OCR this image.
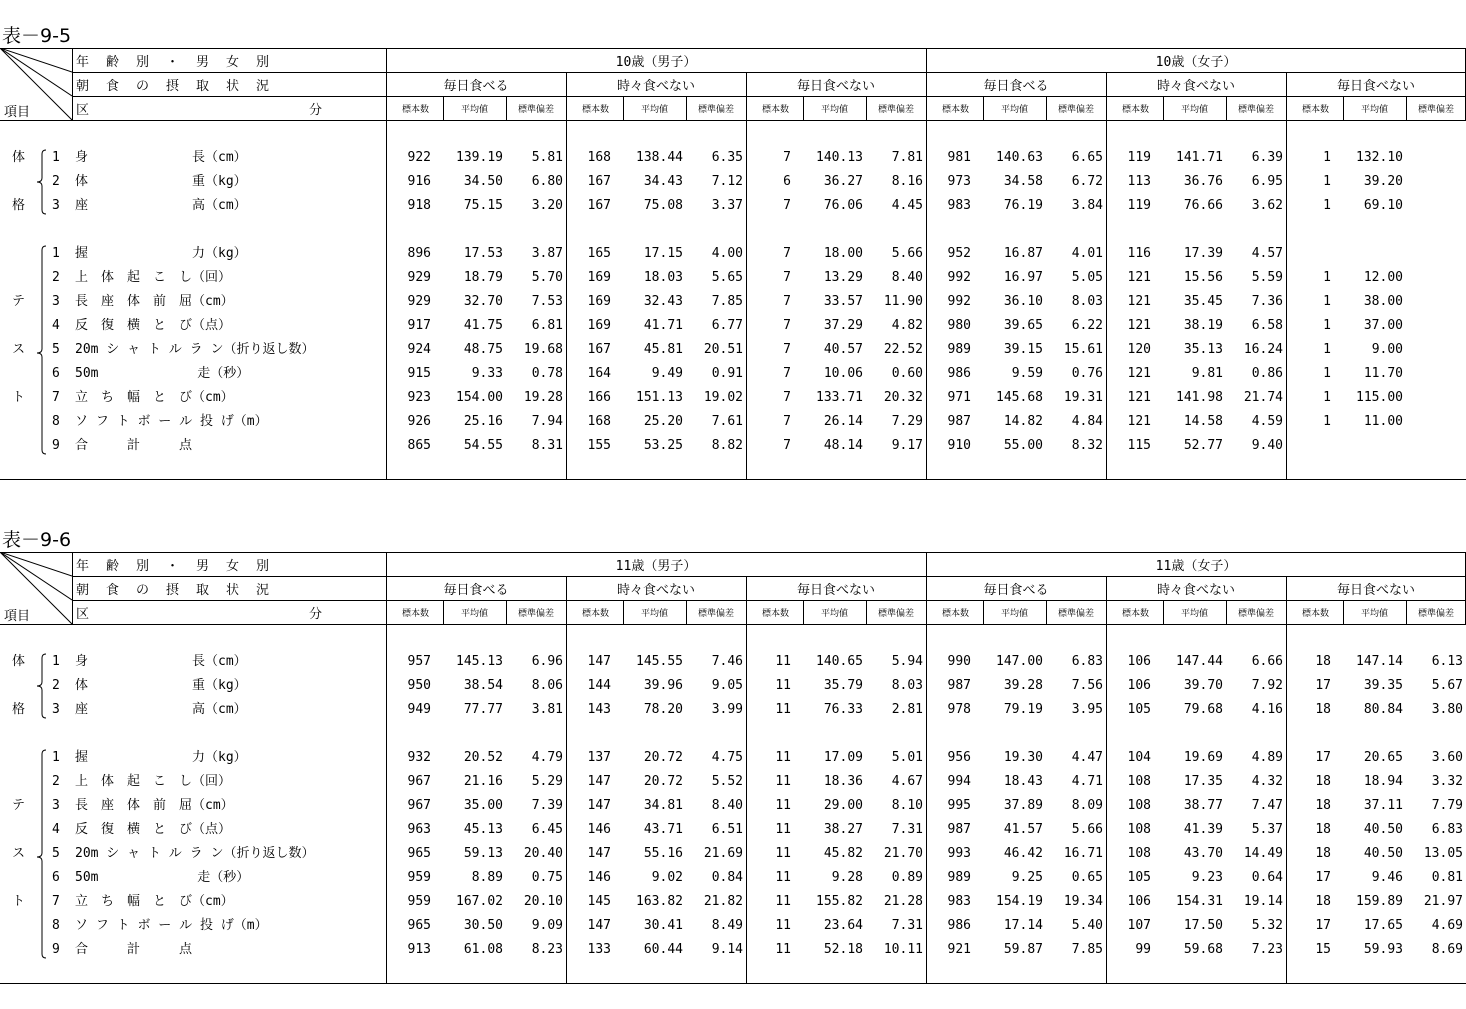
表－9-5
年　齢　別　・　男　女　別
朝　食　の　摂　取　状　況
区	分
項目
10歳（男子）	10歳（女子）
毎日食べる
標本数	平均値	標準偏差
時々食べない
標本数	平均値	標準偏差
毎日食べない
標本数	平均値	標準偏差
毎日食べる
標本数	平均値	標準偏差
時々食べない
標本数	平均値	標準偏差
毎日食べない
標本数	平均値	標準偏差
1 身　　　　　　　　長（cm）	922	139.19	5.81	168	138.44	6.35	7	140.13	7.81	981	140.63	6.65	119	141.71	6.39	1	132.10
2 体　　　　　　　　重（kg）	916	34.50	6.80	167	34.43	7.12	6	36.27	8.16	973	34.58	6.72	113	36.76	6.95	1	39.20
3 座　　　　　　　　高（cm）	918	75.15	3.20	167	75.08	3.37	7	76.06	4.45	983	76.19	3.84	119	76.66	3.62	1	69.10
1 握　　　　　　　　力（kg）	896	17.53	3.87	165	17.15	4.00	7	18.00	5.66	952	16.87	4.01	116	17.39	4.57
2 上　体　起　こ　し（回）	929	18.79	5.70	169	18.03	5.65	7	13.29	8.40	992	16.97	5.05	121	15.56	5.59	1	12.00
3 長　座　体　前　屈（cm）	929	32.70	7.53	169	32.43	7.85	7	33.57	11.90	992	36.10	8.03	121	35.45	7.36	1	38.00
4 反　復　横　と　び（点）	917	41.75	6.81	169	41.71	6.77	7	37.29	4.82	980	39.65	6.22	121	38.19	6.58	1	37.00
5 20m シ ャ ト ル ラ ン（折り返し数）	924	48.75	19.68	167	45.81	20.51	7	40.57	22.52	989	39.15	15.61	120	35.13	16.24	1	9.00
6 50m　　　　　　　 走（秒）	915	9.33	0.78	164	9.49	0.91	7	10.06	0.60	986	9.59	0.76	121	9.81	0.86	1	11.70
7 立　ち　幅　と　び（cm）	923	154.00	19.28	166	151.13	19.02	7	133.71	20.32	971	145.68	19.31	121	141.98	21.74	1	115.00
8 ソ フ ト ボ ー ル 投 げ（m）	926	25.16	7.94	168	25.20	7.61	7	26.14	7.29	987	14.82	4.84	121	14.58	4.59	1	11.00
9 合　　　計　　　点	865	54.55	8.31	155	53.25	8.82	7	48.14	9.17	910	55.00	8.32	115	52.77	9.40
体
格
テ
ス
ト
表－9-6
年　齢　別　・　男　女　別
朝　食　の　摂　取　状　況
区	分
項目
11歳（男子）	11歳（女子）
毎日食べる
標本数	平均値	標準偏差
時々食べない
標本数	平均値	標準偏差
毎日食べない
標本数	平均値	標準偏差
毎日食べる
標本数	平均値	標準偏差
時々食べない
標本数	平均値	標準偏差
毎日食べない
標本数	平均値	標準偏差
1 身　　　　　　　　長（cm）	957	145.13	6.96	147	145.55	7.46	11	140.65	5.94	990	147.00	6.83	106	147.44	6.66	18	147.14	6.13
2 体　　　　　　　　重（kg）	950	38.54	8.06	144	39.96	9.05	11	35.79	8.03	987	39.28	7.56	106	39.70	7.92	17	39.35	5.67
3 座　　　　　　　　高（cm）	949	77.77	3.81	143	78.20	3.99	11	76.33	2.81	978	79.19	3.95	105	79.68	4.16	18	80.84	3.80
1 握　　　　　　　　力（kg）	932	20.52	4.79	137	20.72	4.75	11	17.09	5.01	956	19.30	4.47	104	19.69	4.89	17	20.65	3.60
2 上　体　起　こ　し（回）	967	21.16	5.29	147	20.72	5.52	11	18.36	4.67	994	18.43	4.71	108	17.35	4.32	18	18.94	3.32
3 長　座　体　前　屈（cm）	967	35.00	7.39	147	34.81	8.40	11	29.00	8.10	995	37.89	8.09	108	38.77	7.47	18	37.11	7.79
4 反　復　横　と　び（点）	963	45.13	6.45	146	43.71	6.51	11	38.27	7.31	987	41.57	5.66	108	41.39	5.37	18	40.50	6.83
5 20m シ ャ ト ル ラ ン（折り返し数）	965	59.13	20.40	147	55.16	21.69	11	45.82	21.70	993	46.42	16.71	108	43.70	14.49	18	40.50	13.05
6 50m　　　　　　　 走（秒）	959	8.89	0.75	146	9.02	0.84	11	9.28	0.89	989	9.25	0.65	105	9.23	0.64	17	9.46	0.81
7 立　ち　幅　と　び（cm）	959	167.02	20.10	145	163.82	21.82	11	155.82	21.28	983	154.19	19.34	106	154.31	19.14	18	159.89	21.97
8 ソ フ ト ボ ー ル 投 げ（m）	965	30.50	9.09	147	30.41	8.49	11	23.64	7.31	986	17.14	5.40	107	17.50	5.32	17	17.65	4.69
9 合　　　計　　　点	913	61.08	8.23	133	60.44	9.14	11	52.18	10.11	921	59.87	7.85	99	59.68	7.23	15	59.93	8.69
体
格
テ
ス
ト
